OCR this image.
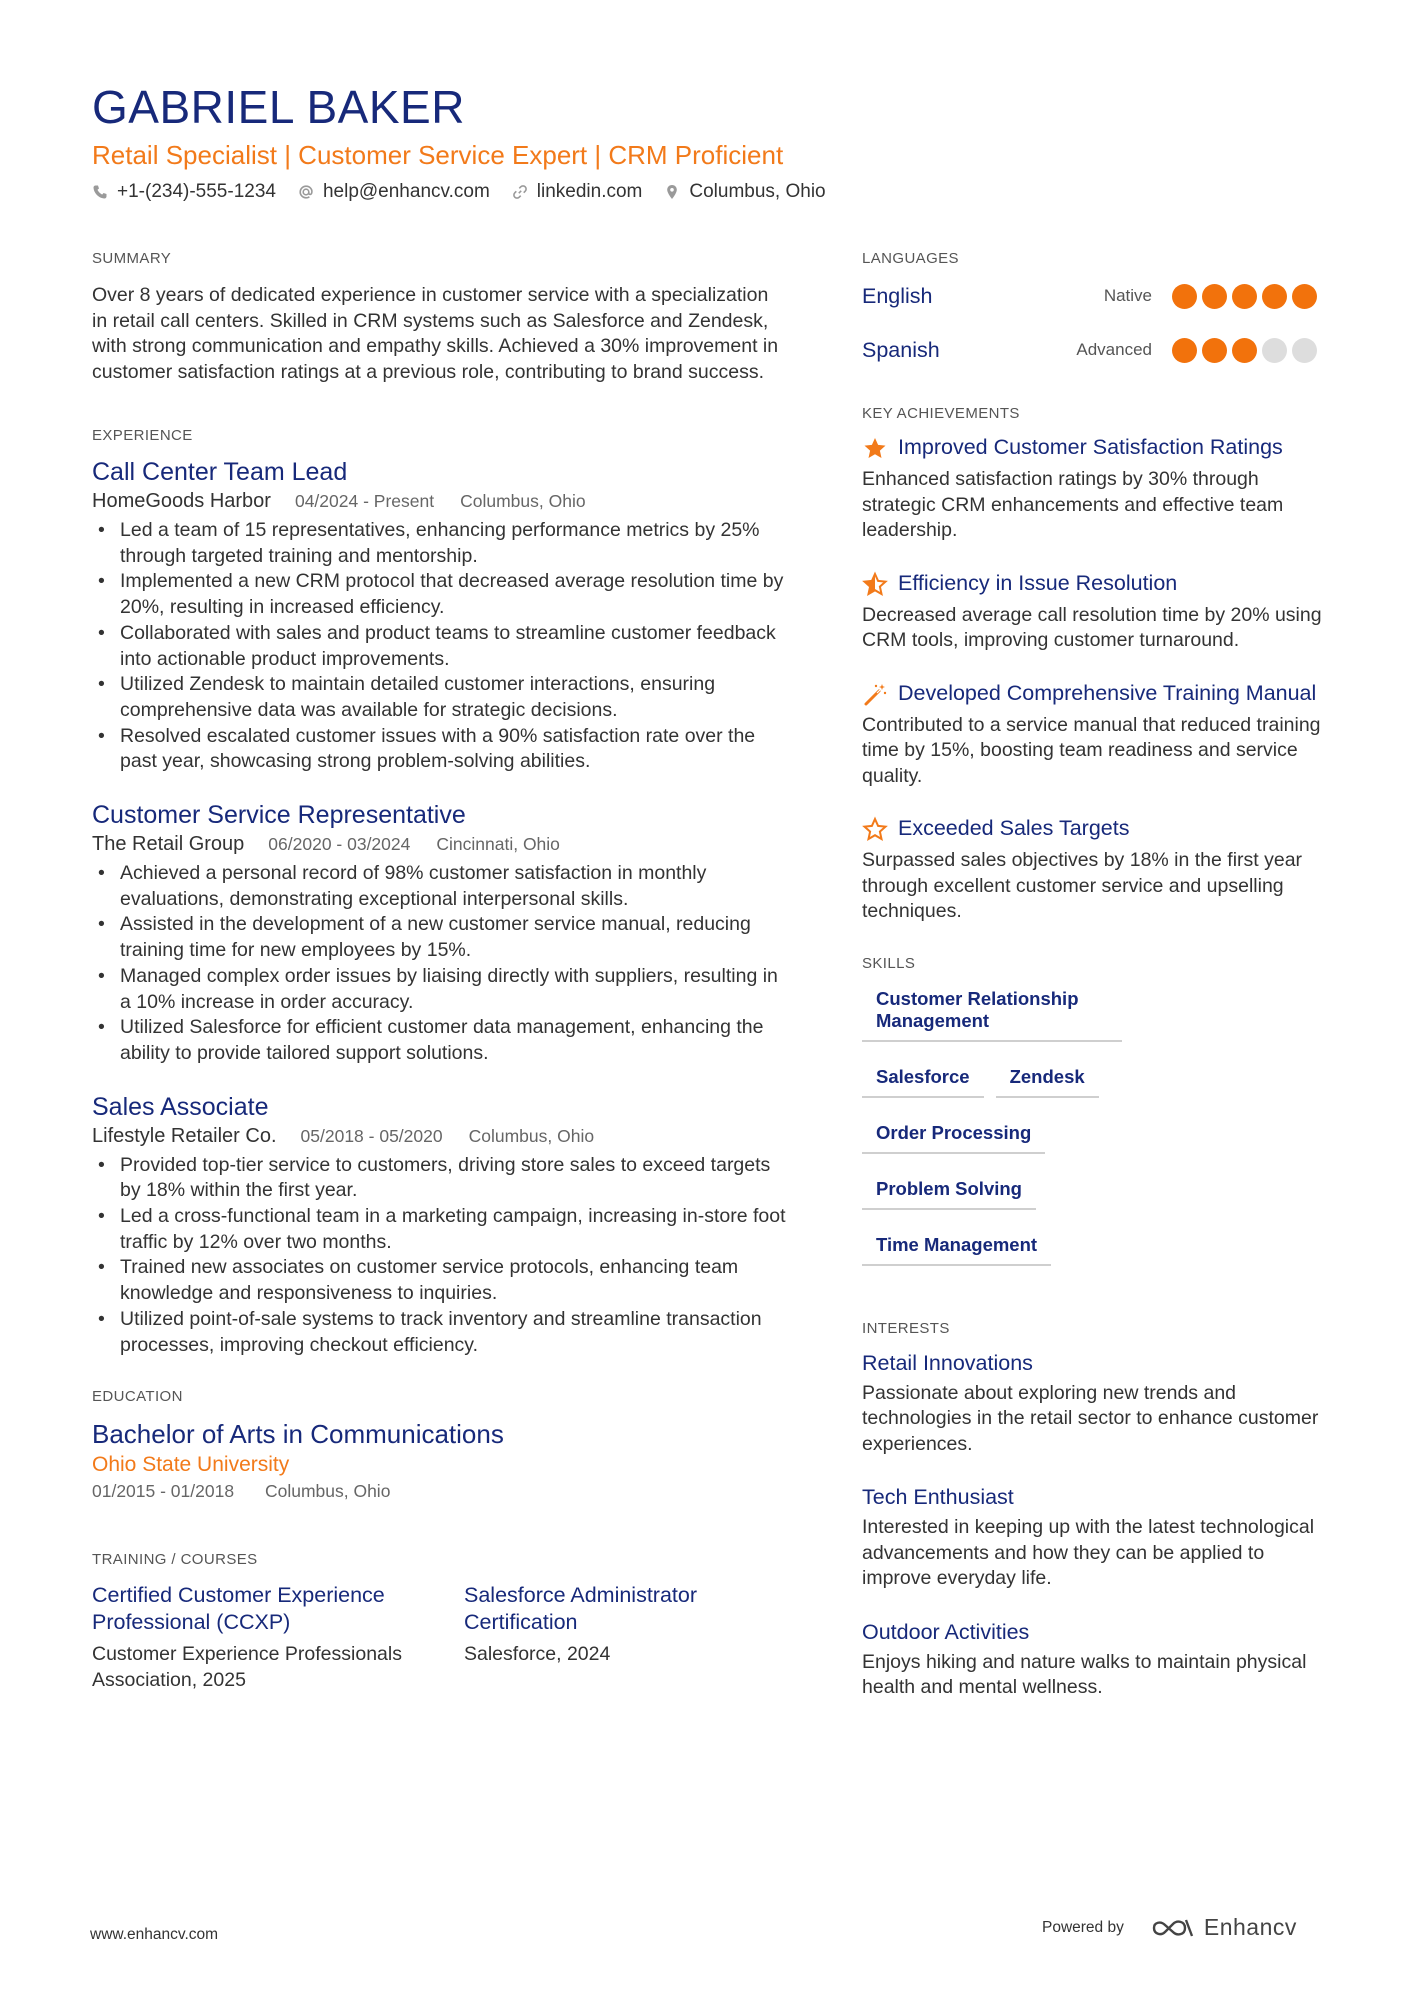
GABRIEL BAKER
Retail Specialist | Customer Service Expert | CRM Proficient
+1-(234)-555-1234 help@enhancv.com linkedin.com Columbus, Ohio
SUMMARY
Over 8 years of dedicated experience in customer service with a specialization in retail call centers. Skilled in CRM systems such as Salesforce and Zendesk, with strong communication and empathy skills. Achieved a 30% improvement in customer satisfaction ratings at a previous role, contributing to brand success.
EXPERIENCE
Call Center Team Lead
HomeGoods Harbor 04/2024 - Present Columbus, Ohio
• Led a team of 15 representatives, enhancing performance metrics by 25% through targeted training and mentorship.
• Implemented a new CRM protocol that decreased average resolution time by 20%, resulting in increased efficiency.
• Collaborated with sales and product teams to streamline customer feedback into actionable product improvements.
• Utilized Zendesk to maintain detailed customer interactions, ensuring comprehensive data was available for strategic decisions.
• Resolved escalated customer issues with a 90% satisfaction rate over the past year, showcasing strong problem-solving abilities.
Customer Service Representative
The Retail Group 06/2020 - 03/2024 Cincinnati, Ohio
• Achieved a personal record of 98% customer satisfaction in monthly evaluations, demonstrating exceptional interpersonal skills.
• Assisted in the development of a new customer service manual, reducing training time for new employees by 15%.
• Managed complex order issues by liaising directly with suppliers, resulting in a 10% increase in order accuracy.
• Utilized Salesforce for efficient customer data management, enhancing the ability to provide tailored support solutions.
Sales Associate
Lifestyle Retailer Co. 05/2018 - 05/2020 Columbus, Ohio
• Provided top-tier service to customers, driving store sales to exceed targets by 18% within the first year.
• Led a cross-functional team in a marketing campaign, increasing in-store foot traffic by 12% over two months.
• Trained new associates on customer service protocols, enhancing team knowledge and responsiveness to inquiries.
• Utilized point-of-sale systems to track inventory and streamline transaction processes, improving checkout efficiency.
EDUCATION
Bachelor of Arts in Communications
Ohio State University
01/2015 - 01/2018 Columbus, Ohio
TRAINING / COURSES
Certified Customer Experience Professional (CCXP)
Customer Experience Professionals Association, 2025
Salesforce Administrator Certification
Salesforce, 2024
LANGUAGES
English	Native
Spanish	Advanced
KEY ACHIEVEMENTS
Improved Customer Satisfaction Ratings
Enhanced satisfaction ratings by 30% through strategic CRM enhancements and effective team leadership.
Efficiency in Issue Resolution
Decreased average call resolution time by 20% using CRM tools, improving customer turnaround.
Developed Comprehensive Training Manual
Contributed to a service manual that reduced training time by 15%, boosting team readiness and service quality.
Exceeded Sales Targets
Surpassed sales objectives by 18% in the first year through excellent customer service and upselling techniques.
SKILLS
Customer Relationship Management
Salesforce	Zendesk
Order Processing
Problem Solving
Time Management
INTERESTS
Retail Innovations
Passionate about exploring new trends and technologies in the retail sector to enhance customer experiences.
Tech Enthusiast
Interested in keeping up with the latest technological advancements and how they can be applied to improve everyday life.
Outdoor Activities
Enjoys hiking and nature walks to maintain physical health and mental wellness.
www.enhancv.com	Powered by	Enhancv
